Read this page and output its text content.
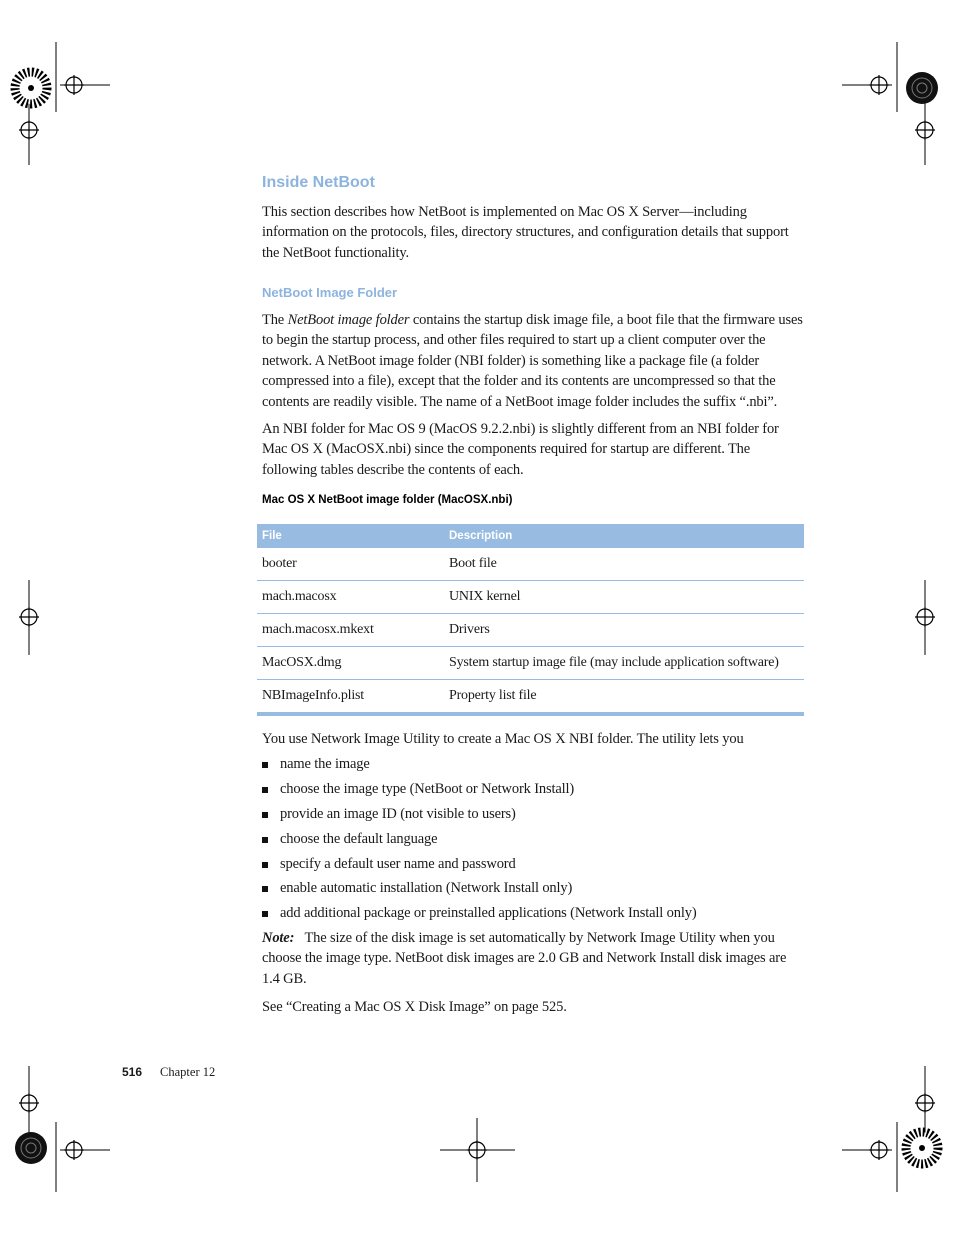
Inside NetBoot

This section describes how NetBoot is implemented on Mac OS X Server—including information on the protocols, files, directory structures, and configuration details that support the NetBoot functionality.

NetBoot Image Folder

The NetBoot image folder contains the startup disk image file, a boot file that the firmware uses to begin the startup process, and other files required to start up a client computer over the network. A NetBoot image folder (NBI folder) is something like a package file (a folder compressed into a file), except that the folder and its contents are uncompressed so that the contents are readily visible. The name of a NetBoot image folder includes the suffix “.nbi”.

An NBI folder for Mac OS 9 (MacOS 9.2.2.nbi) is slightly different from an NBI folder for Mac OS X (MacOSX.nbi) since the components required for startup are different. The following tables describe the contents of each.

Mac OS X NetBoot image folder (MacOSX.nbi)

File	Description
booter	Boot file
mach.macosx	UNIX kernel
mach.macosx.mkext	Drivers
MacOSX.dmg	System startup image file (may include application software)
NBImageInfo.plist	Property list file

You use Network Image Utility to create a Mac OS X NBI folder. The utility lets you

name the image
choose the image type (NetBoot or Network Install)
provide an image ID (not visible to users)
choose the default language
specify a default user name and password
enable automatic installation (Network Install only)
add additional package or preinstalled applications (Network Install only)

Note: The size of the disk image is set automatically by Network Image Utility when you choose the image type. NetBoot disk images are 2.0 GB and Network Install disk images are 1.4 GB.

See “Creating a Mac OS X Disk Image” on page 525.

516 Chapter 12
